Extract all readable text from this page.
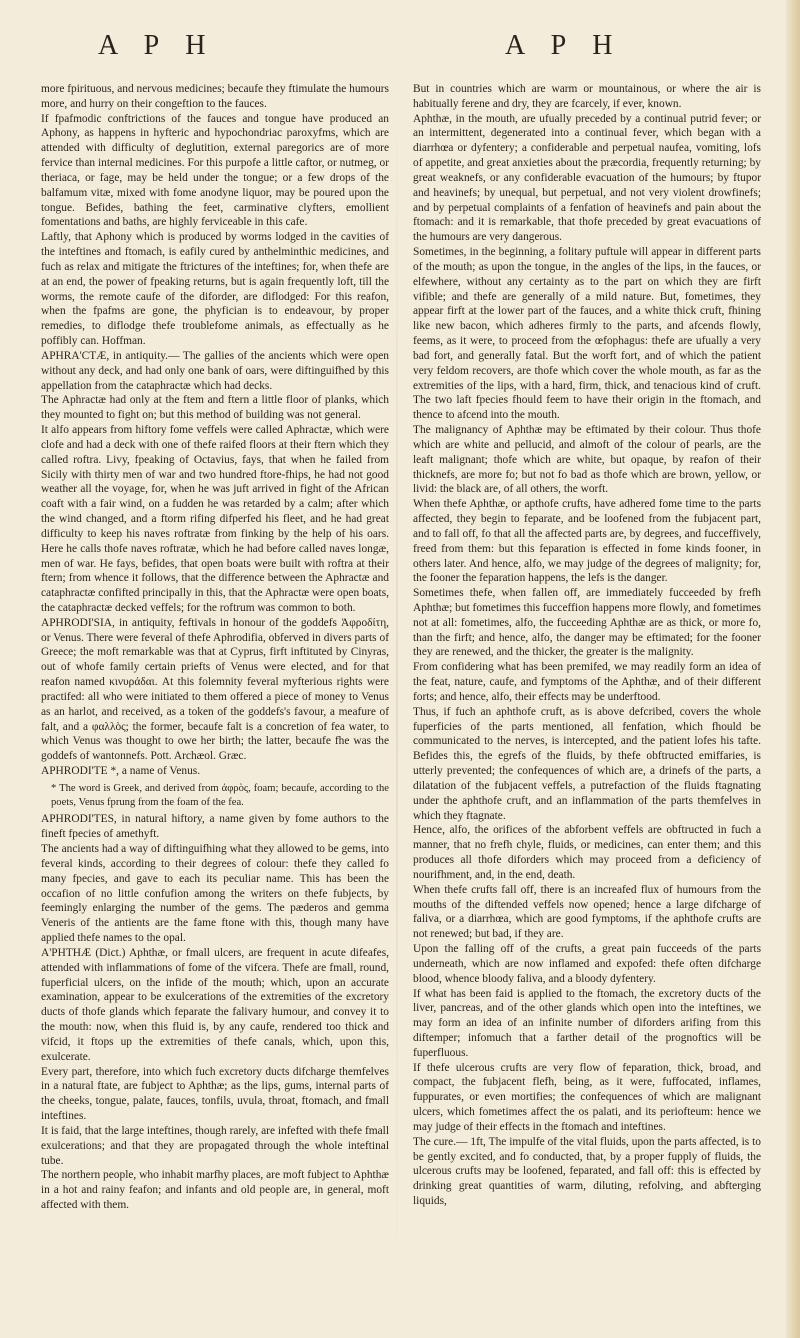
A P H	A P H

more fpirituous, and nervous medicines; becaufe they ftimulate the humours more, and hurry on their congeftion to the fauces.

If fpafmodic conftrictions of the fauces and tongue have produced an Aphony, as happens in hyfteric and hypochondriac paroxyfms, which are attended with difficulty of deglutition, external paregorics are of more fervice than internal medicines. For this purpofe a little caftor, or nutmeg, or theriaca, or fage, may be held under the tongue; or a few drops of the balfamum vitæ, mixed with fome anodyne liquor, may be poured upon the tongue. Befides, bathing the feet, carminative clyfters, emollient fomentations and baths, are highly ferviceable in this cafe.

Laftly, that Aphony which is produced by worms lodged in the cavities of the inteftines and ftomach, is eafily cured by anthelminthic medicines, and fuch as relax and mitigate the ftrictures of the inteftines; for, when thefe are at an end, the power of fpeaking returns, but is again frequently loft, till the worms, the remote caufe of the diforder, are diflodged: For this reafon, when the fpafms are gone, the phyfician is to endeavour, by proper remedies, to diflodge thefe troublefome animals, as effectually as he poffibly can. Hoffman.

APHRA'CTÆ, in antiquity.— The gallies of the ancients which were open without any deck, and had only one bank of oars, were diftinguifhed by this appellation from the cataphractæ which had decks.

The Aphractæ had only at the ftem and ftern a little floor of planks, which they mounted to fight on; but this method of building was not general.

It alfo appears from hiftory fome veffels were called Aphractæ, which were clofe and had a deck with one of thefe raifed floors at their ftern which they called roftra. Livy, fpeaking of Octavius, fays, that when he failed from Sicily with thirty men of war and two hundred ftore-fhips, he had not good weather all the voyage, for, when he was juft arrived in fight of the African coaft with a fair wind, on a fudden he was retarded by a calm; after which the wind changed, and a ftorm rifing difperfed his fleet, and he had great difficulty to keep his naves roftratæ from finking by the help of his oars. Here he calls thofe naves roftratæ, which he had before called naves longæ, men of war. He fays, befides, that open boats were built with roftra at their ftern; from whence it follows, that the difference between the Aphractæ and cataphractæ confifted principally in this, that the Aphractæ were open boats, the cataphractæ decked veffels; for the roftrum was common to both.

APHRODI'SIA, in antiquity, feftivals in honour of the goddefs Ἀφροδίτη, or Venus. There were feveral of thefe Aphrodifia, obferved in divers parts of Greece; the moft remarkable was that at Cyprus, firft inftituted by Cinyras, out of whofe family certain priefts of Venus were elected, and for that reafon named κινυράδαι. At this folemnity feveral myfterious rights were practifed: all who were initiated to them offered a piece of money to Venus as an harlot, and received, as a token of the goddefs's favour, a meafure of falt, and a φαλλὸς; the former, becaufe falt is a concretion of fea water, to which Venus was thought to owe her birth; the latter, becaufe fhe was the goddefs of wantonnefs. Pott. Archæol. Græc.

APHRODI'TE *, a name of Venus.

* The word is Greek, and derived from ἀφρὸς, foam; becaufe, according to the poets, Venus fprung from the foam of the fea.

APHRODI'TES, in natural hiftory, a name given by fome authors to the fineft fpecies of amethyft.

The ancients had a way of diftinguifhing what they allowed to be gems, into feveral kinds, according to their degrees of colour: thefe they called fo many fpecies, and gave to each its peculiar name. This has been the occafion of no little confufion among the writers on thefe fubjects, by feemingly enlarging the number of the gems. The pæderos and gemma Veneris of the antients are the fame ftone with this, though many have applied thefe names to the opal.

A'PHTHÆ (Dict.) Aphthæ, or fmall ulcers, are frequent in acute difeafes, attended with inflammations of fome of the vifcera. Thefe are fmall, round, fuperficial ulcers, on the infide of the mouth; which, upon an accurate examination, appear to be exulcerations of the extremities of the excretory ducts of thofe glands which feparate the falivary humour, and convey it to the mouth: now, when this fluid is, by any caufe, rendered too thick and vifcid, it ftops up the extremities of thefe canals, which, upon this, exulcerate.

Every part, therefore, into which fuch excretory ducts difcharge themfelves in a natural ftate, are fubject to Aphthæ; as the lips, gums, internal parts of the cheeks, tongue, palate, fauces, tonfils, uvula, throat, ftomach, and fmall inteftines.

It is faid, that the large inteftines, though rarely, are infefted with thefe fmall exulcerations; and that they are propagated through the whole inteftinal tube.

The northern people, who inhabit marfhy places, are moft fubject to Aphthæ in a hot and rainy feafon; and infants and old people are, in general, moft affected with them.

But in countries which are warm or mountainous, or where the air is habitually ferene and dry, they are fcarcely, if ever, known.

Aphthæ, in the mouth, are ufually preceded by a continual putrid fever; or an intermittent, degenerated into a continual fever, which began with a diarrhœa or dyfentery; a confiderable and perpetual naufea, vomiting, lofs of appetite, and great anxieties about the præcordia, frequently returning; by great weaknefs, or any confiderable evacuation of the humours; by ftupor and heavinefs; by unequal, but perpetual, and not very violent drowfinefs; and by perpetual complaints of a fenfation of heavinefs and pain about the ftomach: and it is remarkable, that thofe preceded by great evacuations of the humours are very dangerous.

Sometimes, in the beginning, a folitary puftule will appear in different parts of the mouth; as upon the tongue, in the angles of the lips, in the fauces, or elfewhere, without any certainty as to the part on which they are firft vifible; and thefe are generally of a mild nature. But, fometimes, they appear firft at the lower part of the fauces, and a white thick cruft, fhining like new bacon, which adheres firmly to the parts, and afcends flowly, feems, as it were, to proceed from the œfophagus: thefe are ufually a very bad fort, and generally fatal. But the worft fort, and of which the patient very feldom recovers, are thofe which cover the whole mouth, as far as the extremities of the lips, with a hard, firm, thick, and tenacious kind of cruft. The two laft fpecies fhould feem to have their origin in the ftomach, and thence to afcend into the mouth.

The malignancy of Aphthæ may be eftimated by their colour. Thus thofe which are white and pellucid, and almoft of the colour of pearls, are the leaft malignant; thofe which are white, but opaque, by reafon of their thicknefs, are more fo; but not fo bad as thofe which are brown, yellow, or livid: the black are, of all others, the worft.

When thefe Aphthæ, or apthofe crufts, have adhered fome time to the parts affected, they begin to feparate, and be loofened from the fubjacent part, and to fall off, fo that all the affected parts are, by degrees, and fucceffively, freed from them: but this feparation is effected in fome kinds fooner, in others later. And hence, alfo, we may judge of the degrees of malignity; for, the fooner the feparation happens, the lefs is the danger.

Sometimes thefe, when fallen off, are immediately fucceeded by frefh Aphthæ; but fometimes this fucceffion happens more flowly, and fometimes not at all: fometimes, alfo, the fucceeding Aphthæ are as thick, or more fo, than the firft; and hence, alfo, the danger may be eftimated; for the fooner they are renewed, and the thicker, the greater is the malignity.

From confidering what has been premifed, we may readily form an idea of the feat, nature, caufe, and fymptoms of the Aphthæ, and of their different forts; and hence, alfo, their effects may be underftood.

Thus, if fuch an aphthofe cruft, as is above defcribed, covers the whole fuperficies of the parts mentioned, all fenfation, which fhould be communicated to the nerves, is intercepted, and the patient lofes his tafte. Befides this, the egrefs of the fluids, by thefe obftructed emiffaries, is utterly prevented; the confequences of which are, a drinefs of the parts, a dilatation of the fubjacent veffels, a putrefaction of the fluids ftagnating under the aphthofe cruft, and an inflammation of the parts themfelves in which they ftagnate.

Hence, alfo, the orifices of the abforbent veffels are obftructed in fuch a manner, that no frefh chyle, fluids, or medicines, can enter them; and this produces all thofe diforders which may proceed from a deficiency of nourifhment, and, in the end, death.

When thefe crufts fall off, there is an increafed flux of humours from the mouths of the diftended veffels now opened; hence a large difcharge of faliva, or a diarrhœa, which are good fymptoms, if the aphthofe crufts are not renewed; but bad, if they are.

Upon the falling off of the crufts, a great pain fucceeds of the parts underneath, which are now inflamed and expofed: thefe often difcharge blood, whence bloody faliva, and a bloody dyfentery.

If what has been faid is applied to the ftomach, the excretory ducts of the liver, pancreas, and of the other glands which open into the inteftines, we may form an idea of an infinite number of diforders arifing from this diftemper; infomuch that a farther detail of the prognoftics will be fuperfluous.

If thefe ulcerous crufts are very flow of feparation, thick, broad, and compact, the fubjacent flefh, being, as it were, fuffocated, inflames, fuppurates, or even mortifies; the confequences of which are malignant ulcers, which fometimes affect the os palati, and its periofteum: hence we may judge of their effects in the ftomach and inteftines.

The cure.— 1ft, The impulfe of the vital fluids, upon the parts affected, is to be gently excited, and fo conducted, that, by a proper fupply of fluids, the ulcerous crufts may be loofened, feparated, and fall off: this is effected by drinking great quantities of warm, diluting, refolving, and abfterging liquids,
